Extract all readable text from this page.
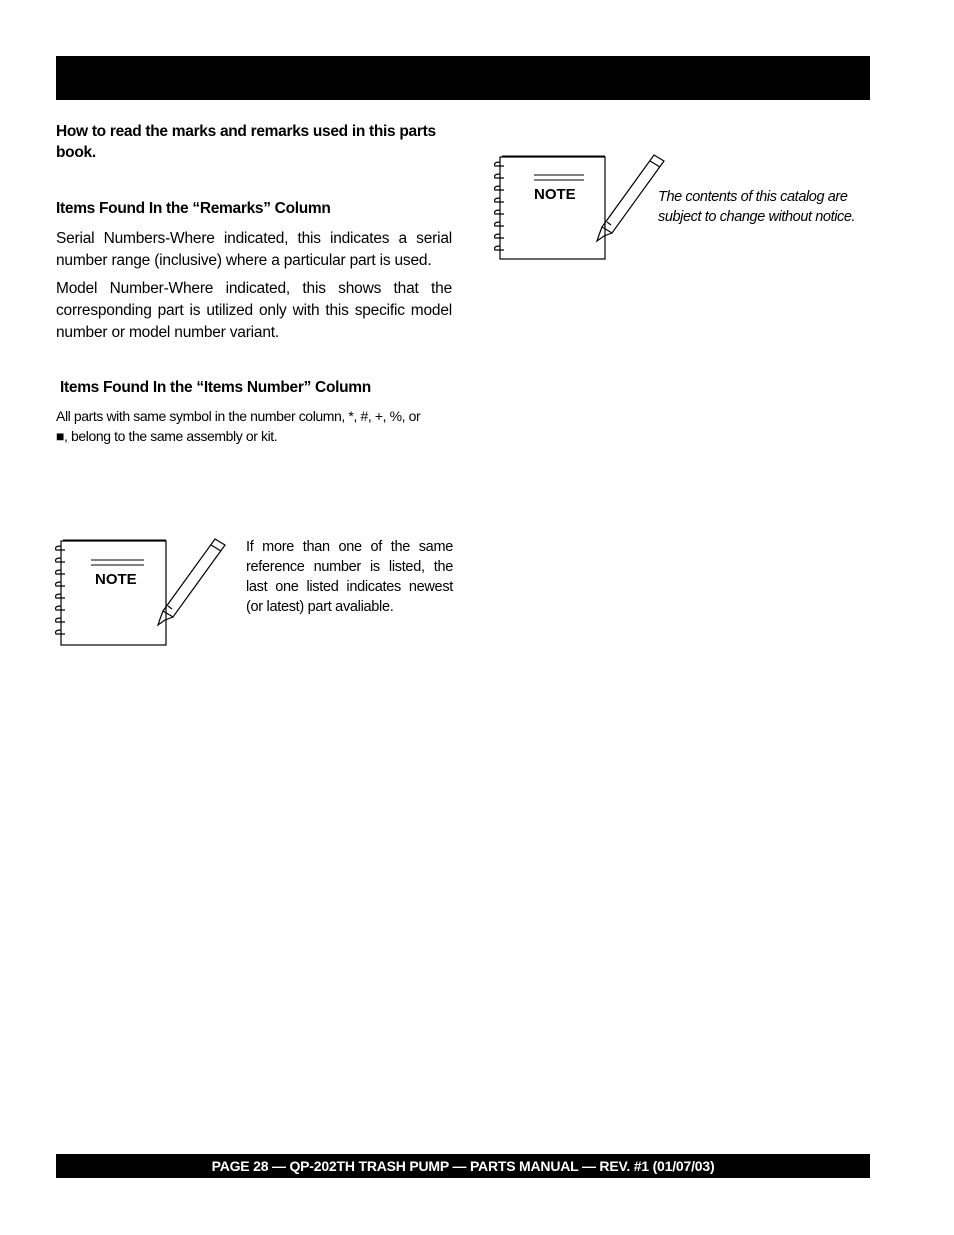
How to read the marks and remarks used in this parts book.
Items Found In the “Remarks” Column
Serial Numbers-Where indicated, this indicates a serial number range (inclusive) where a particular part is used.
Model Number-Where indicated, this shows that the corresponding part is utilized only with this specific model number or model number variant.
Items Found In the “Items Number” Column
All parts with same symbol in the number column, *, #, +, %, or
■, belong to the same assembly or kit.
NOTE	The contents of this catalog are subject to change without notice.
NOTE
If more than one of the same reference number is listed, the last one listed indicates newest (or latest) part avaliable.
PAGE 28 — QP-202TH TRASH PUMP — PARTS MANUAL — REV. #1 (01/07/03)
